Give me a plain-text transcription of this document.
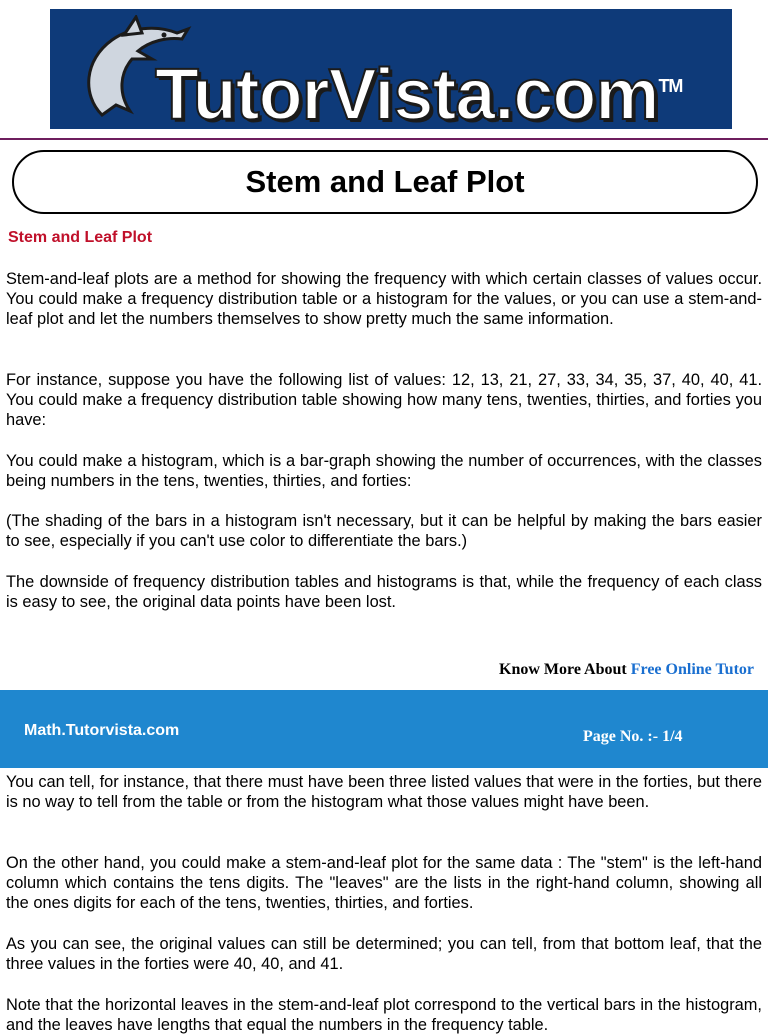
TutorVista.com™
Stem and Leaf Plot
Stem and Leaf Plot

Stem-and-leaf plots are a method for showing the frequency with which certain classes of values occur. You could make a frequency distribution table or a histogram for the values, or you can use a stem-and-leaf plot and let the numbers themselves to show pretty much the same information.

For instance, suppose you have the following list of values: 12, 13, 21, 27, 33, 34, 35, 37, 40, 40, 41. You could make a frequency distribution table showing how many tens, twenties, thirties, and forties you have:

You could make a histogram, which is a bar-graph showing the number of occurrences, with the classes being numbers in the tens, twenties, thirties, and forties:

(The shading of the bars in a histogram isn't necessary, but it can be helpful by making the bars easier to see, especially if you can't use color to differentiate the bars.)

The downside of frequency distribution tables and histograms is that, while the frequency of each class is easy to see, the original data points have been lost.

Know More About Free Online Tutor
Math.Tutorvista.com	Page No. :- 1/4

You can tell, for instance, that there must have been three listed values that were in the forties, but there is no way to tell from the table or from the histogram what those values might have been.

On the other hand, you could make a stem-and-leaf plot for the same data : The "stem" is the left-hand column which contains the tens digits. The "leaves" are the lists in the right-hand column, showing all the ones digits for each of the tens, twenties, thirties, and forties.

As you can see, the original values can still be determined; you can tell, from that bottom leaf, that the three values in the forties were 40, 40, and 41.

Note that the horizontal leaves in the stem-and-leaf plot correspond to the vertical bars in the histogram, and the leaves have lengths that equal the numbers in the frequency table.
